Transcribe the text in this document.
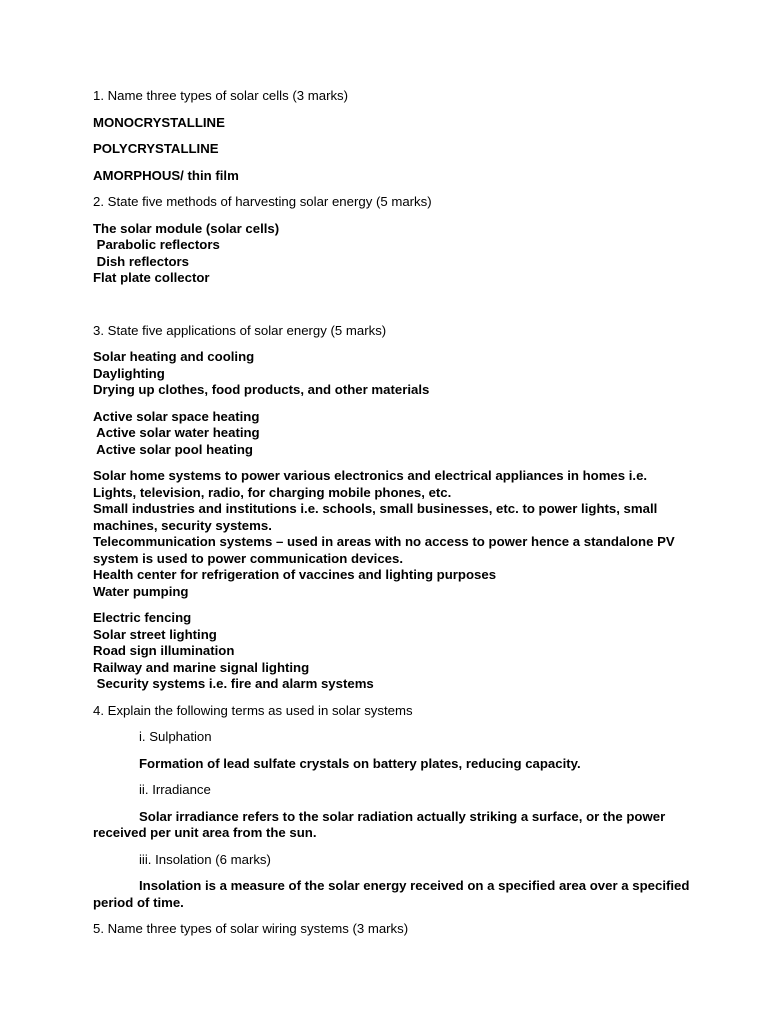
1. Name three types of solar cells (3 marks)

MONOCRYSTALLINE

POLYCRYSTALLINE

AMORPHOUS/ thin film

2. State five methods of harvesting solar energy (5 marks)

The solar module (solar cells)
Parabolic reflectors
Dish reflectors
Flat plate collector

3. State five applications of solar energy (5 marks)

Solar heating and cooling
Daylighting
Drying up clothes, food products, and other materials
Active solar space heating
Active solar water heating
Active solar pool heating
Solar home systems to power various electronics and electrical appliances in homes i.e. Lights, television, radio, for charging mobile phones, etc.
Small industries and institutions i.e. schools, small businesses, etc. to power lights, small machines, security systems.
Telecommunication systems – used in areas with no access to power hence a standalone PV system is used to power communication devices.
Health center for refrigeration of vaccines and lighting purposes
Water pumping
Electric fencing
Solar street lighting
Road sign illumination
Railway and marine signal lighting
Security systems i.e. fire and alarm systems

4. Explain the following terms as used in solar systems

i. Sulphation

Formation of lead sulfate crystals on battery plates, reducing capacity.

ii. Irradiance

Solar irradiance refers to the solar radiation actually striking a surface, or the power received per unit area from the sun.

iii. Insolation (6 marks)

Insolation is a measure of the solar energy received on a specified area over a specified period of time.

5. Name three types of solar wiring systems (3 marks)
